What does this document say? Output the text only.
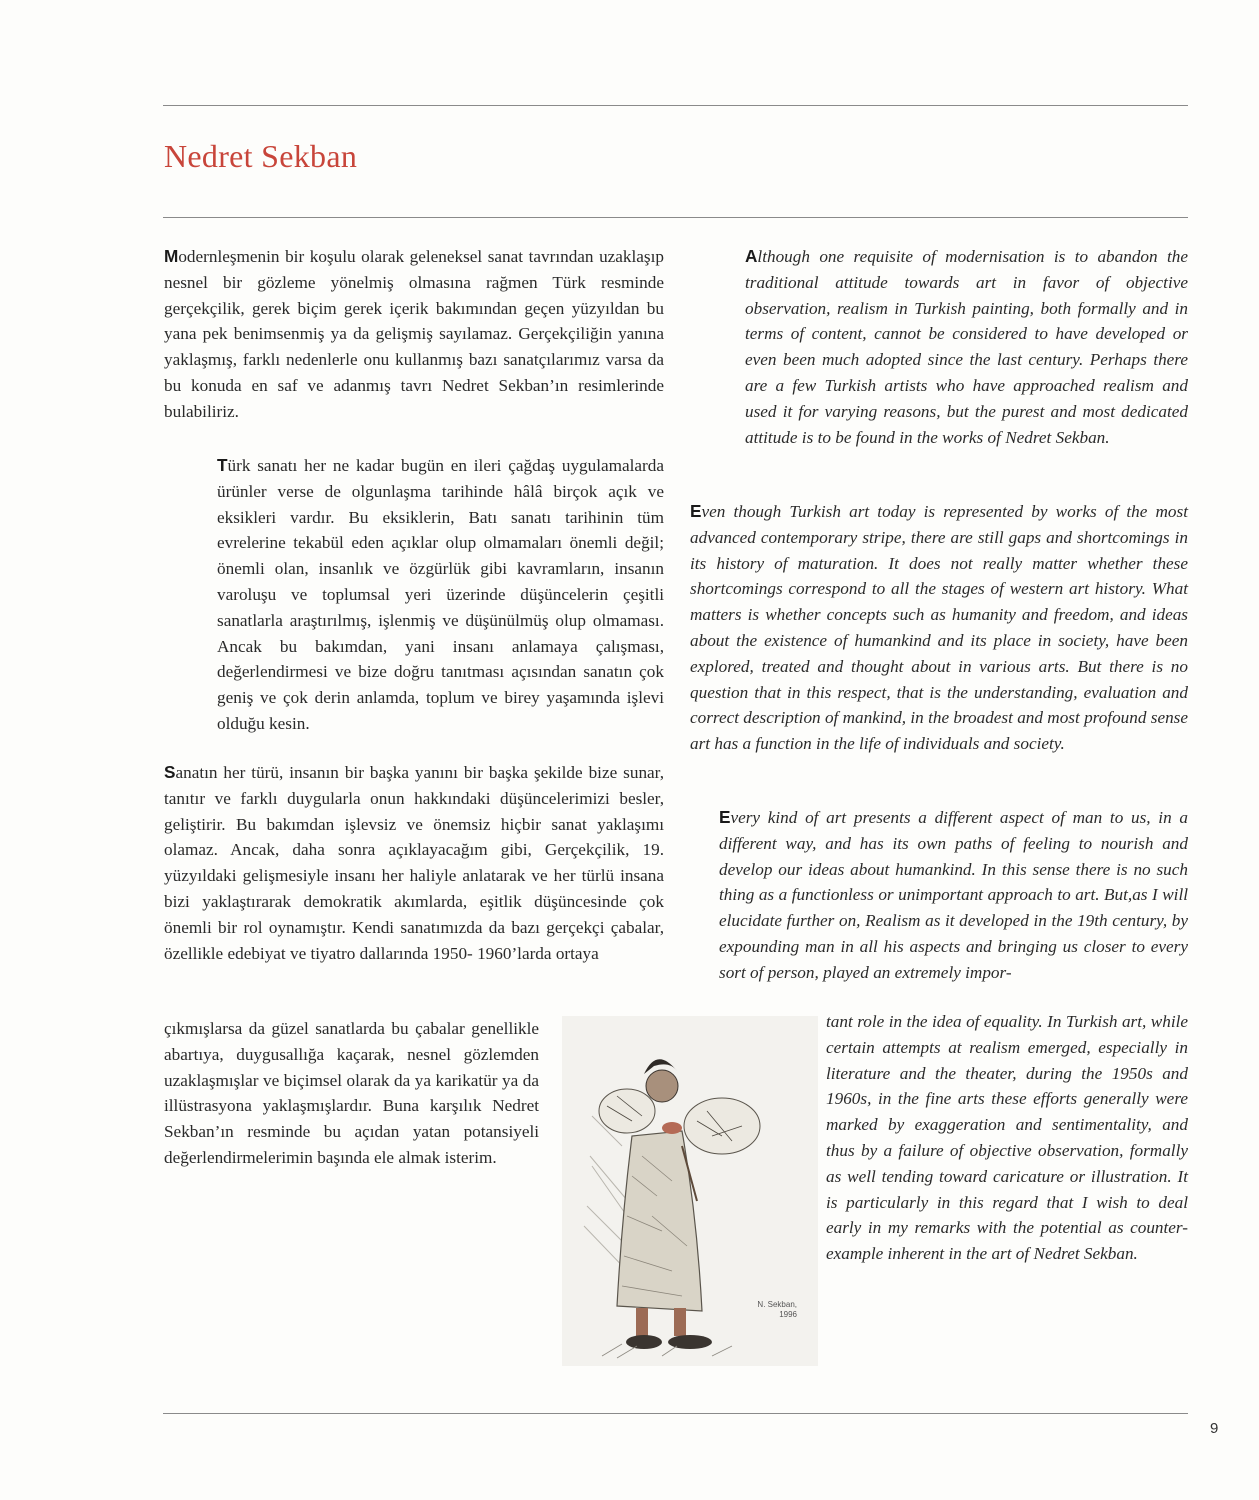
Nedret Sekban

Modernleşmenin bir koşulu olarak geleneksel sanat tavrından uzaklaşıp nesnel bir gözleme yönelmiş olmasına rağmen Türk resminde gerçekçilik, gerek biçim gerek içerik bakımından geçen yüzyıldan bu yana pek benimsenmiş ya da gelişmiş sayılamaz. Gerçekçiliğin yanına yaklaşmış, farklı nedenlerle onu kullanmış bazı sanatçılarımız varsa da bu konuda en saf ve adanmış tavrı Nedret Sekban’ın resimlerinde bulabiliriz.

Türk sanatı her ne kadar bugün en ileri çağdaş uygulamalarda ürünler verse de olgunlaşma tarihinde hâlâ birçok açık ve eksikleri vardır. Bu eksiklerin, Batı sanatı tarihinin tüm evrelerine tekabül eden açıklar olup olmamaları önemli değil; önemli olan, insanlık ve özgürlük gibi kavramların, insanın varoluşu ve toplumsal yeri üzerinde düşüncelerin çeşitli sanatlarla araştırılmış, işlenmiş ve düşünülmüş olup olmaması. Ancak bu bakımdan, yani insanı anlamaya çalışması, değerlendirmesi ve bize doğru tanıtması açısından sanatın çok geniş ve çok derin anlamda, toplum ve birey yaşamında işlevi olduğu kesin.

Sanatın her türü, insanın bir başka yanını bir başka şekilde bize sunar, tanıtır ve farklı duygularla onun hakkındaki düşüncelerimizi besler, geliştirir. Bu bakımdan işlevsiz ve önemsiz hiçbir sanat yaklaşımı olamaz. Ancak, daha sonra açıklayacağım gibi, Gerçekçilik, 19. yüzyıldaki gelişmesiyle insanı her haliyle anlatarak ve her türlü insana bizi yaklaştırarak demokratik akımlarda, eşitlik düşüncesinde çok önemli bir rol oynamıştır. Kendi sanatımızda da bazı gerçekçi çabalar, özellikle edebiyat ve tiyatro dallarında 1950- 1960’larda ortaya

çıkmışlarsa da güzel sanatlarda bu çabalar genellikle abartıya, duygusallığa kaçarak, nesnel gözlemden uzaklaşmışlar ve biçimsel olarak da ya karikatür ya da illüstrasyona yaklaşmışlardır. Buna karşılık Nedret Sekban’ın resminde bu açıdan yatan potansiyeli değerlendirmelerimin başında ele almak isterim.

Although one requisite of modernisation is to abandon the traditional attitude towards art in favor of objective observation, realism in Turkish painting, both formally and in terms of content, cannot be considered to have developed or even been much adopted since the last century. Perhaps there are a few Turkish artists who have approached realism and used it for varying reasons, but the purest and most dedicated attitude is to be found in the works of Nedret Sekban.

Even though Turkish art today is represented by works of the most advanced contemporary stripe, there are still gaps and shortcomings in its history of maturation. It does not really matter whether these shortcomings correspond to all the stages of western art history. What matters is whether concepts such as humanity and freedom, and ideas about the existence of humankind and its place in society, have been explored, treated and thought about in various arts. But there is no question that in this respect, that is the understanding, evaluation and correct description of mankind, in the broadest and most profound sense art has a function in the life of individuals and society.

Every kind of art presents a different aspect of man to us, in a different way, and has its own paths of feeling to nourish and develop our ideas about humankind. In this sense there is no such thing as a functionless or unimportant approach to art. But,as I will elucidate further on, Realism as it developed in the 19th century, by expounding man in all his aspects and bringing us closer to every sort of person, played an extremely impor-

tant role in the idea of equality. In Turkish art, while certain attempts at realism emerged, especially in literature and the theater, during the 1950s and 1960s, in the fine arts these efforts generally were marked by exaggeration and sentimentality, and thus by a failure of objective observation, formally as well tending toward caricature or illustration. It is particularly in this regard that I wish to deal early in my remarks with the potential as counter-example inherent in the art of Nedret Sekban.

N. Sekban,
1996
9
